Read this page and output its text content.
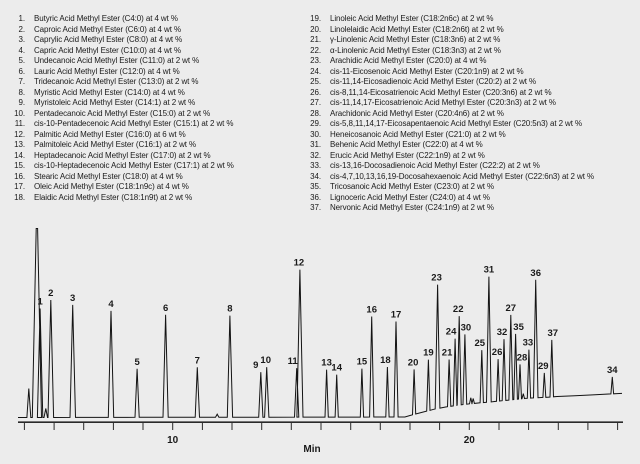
1. Butyric Acid Methyl Ester (C4:0) at 4 wt %
2. Caproic Acid Methyl Ester (C6:0) at 4 wt %
3. Caprylic Acid Methyl Ester (C8:0) at 4 wt %
4. Capric Acid Methyl Ester (C10:0) at 4 wt %
5. Undecanoic Acid Methyl Ester (C11:0) at 2 wt %
6. Lauric Acid Methyl Ester (C12:0) at 4 wt %
7. Tridecanoic Acid Methyl Ester (C13:0) at 2 wt %
8. Myristic Acid Methyl Ester (C14:0) at 4 wt %
9. Myristoleic Acid Methyl Ester (C14:1) at 2 wt %
10. Pentadecanoic Acid Methyl Ester (C15:0) at 2 wt %
11. cis-10-Pentadecenoic Acid Methyl Ester (C15:1) at 2 wt %
12. Palmitic Acid Methyl Ester (C16:0) at 6 wt %
13. Palmitoleic Acid Methyl Ester (C16:1) at 2 wt %
14. Heptadecanoic Acid Methyl Ester (C17:0) at 2 wt %
15. cis-10-Heptadecenoic Acid Methyl Ester (C17:1) at 2 wt %
16. Stearic Acid Methyl Ester (C18:0) at 4 wt %
17. Oleic Acid Methyl Ester (C18:1n9c) at 4 wt %
18. Elaidic Acid Methyl Ester (C18:1n9t) at 2 wt %
19. Linoleic Acid Methyl Ester (C18:2n6c) at 2 wt %
20. Linolelaidic Acid Methyl Ester (C18:2n6t) at 2 wt %
21. γ-Linolenic Acid Methyl Ester (C18:3n6) at 2 wt %
22. α-Linolenic Acid Methyl Ester (C18:3n3) at 2 wt %
23. Arachidic Acid Methyl Ester (C20:0) at 4 wt %
24. cis-11-Eicosenoic Acid Methyl Ester (C20:1n9) at 2 wt %
25. cis-11,14-Eicosadienoic Acid Methyl Ester (C20:2) at 2 wt %
26. cis-8,11,14-Eicosatrienoic Acid Methyl Ester (C20:3n6) at 2 wt %
27. cis-11,14,17-Eicosatrienoic Acid Methyl Ester (C20:3n3) at 2 wt %
28. Arachidonic Acid Methyl Ester (C20:4n6) at 2 wt %
29. cis-5,8,11,14,17-Eicosapentaenoic Acid Methyl Ester (C20:5n3) at 2 wt %
30. Heneicosanoic Acid Methyl Ester (C21:0) at 2 wt %
31. Behenic Acid Methyl Ester (C22:0) at 4 wt %
32. Erucic Acid Methyl Ester (C22:1n9) at 2 wt %
33. cis-13,16-Docosadienoic Acid Methyl Ester (C22:2) at 2 wt %
34. cis-4,7,10,13,16,19-Docosahexaenoic Acid Methyl Ester (C22:6n3) at 2 wt %
35. Tricosanoic Acid Methyl Ester (C23:0) at 2 wt %
36. Lignoceric Acid Methyl Ester (C24:0) at 4 wt %
37. Nervonic Acid Methyl Ester (C24:1n9) at 2 wt %
1
2 3
4
5
6
7
8
9 10 11
12
13 14
15
16
18
17
20
19
23
21
24
22
30
25
31
26
32
27
35
28
33
36
29
37
34
10	20
Min
